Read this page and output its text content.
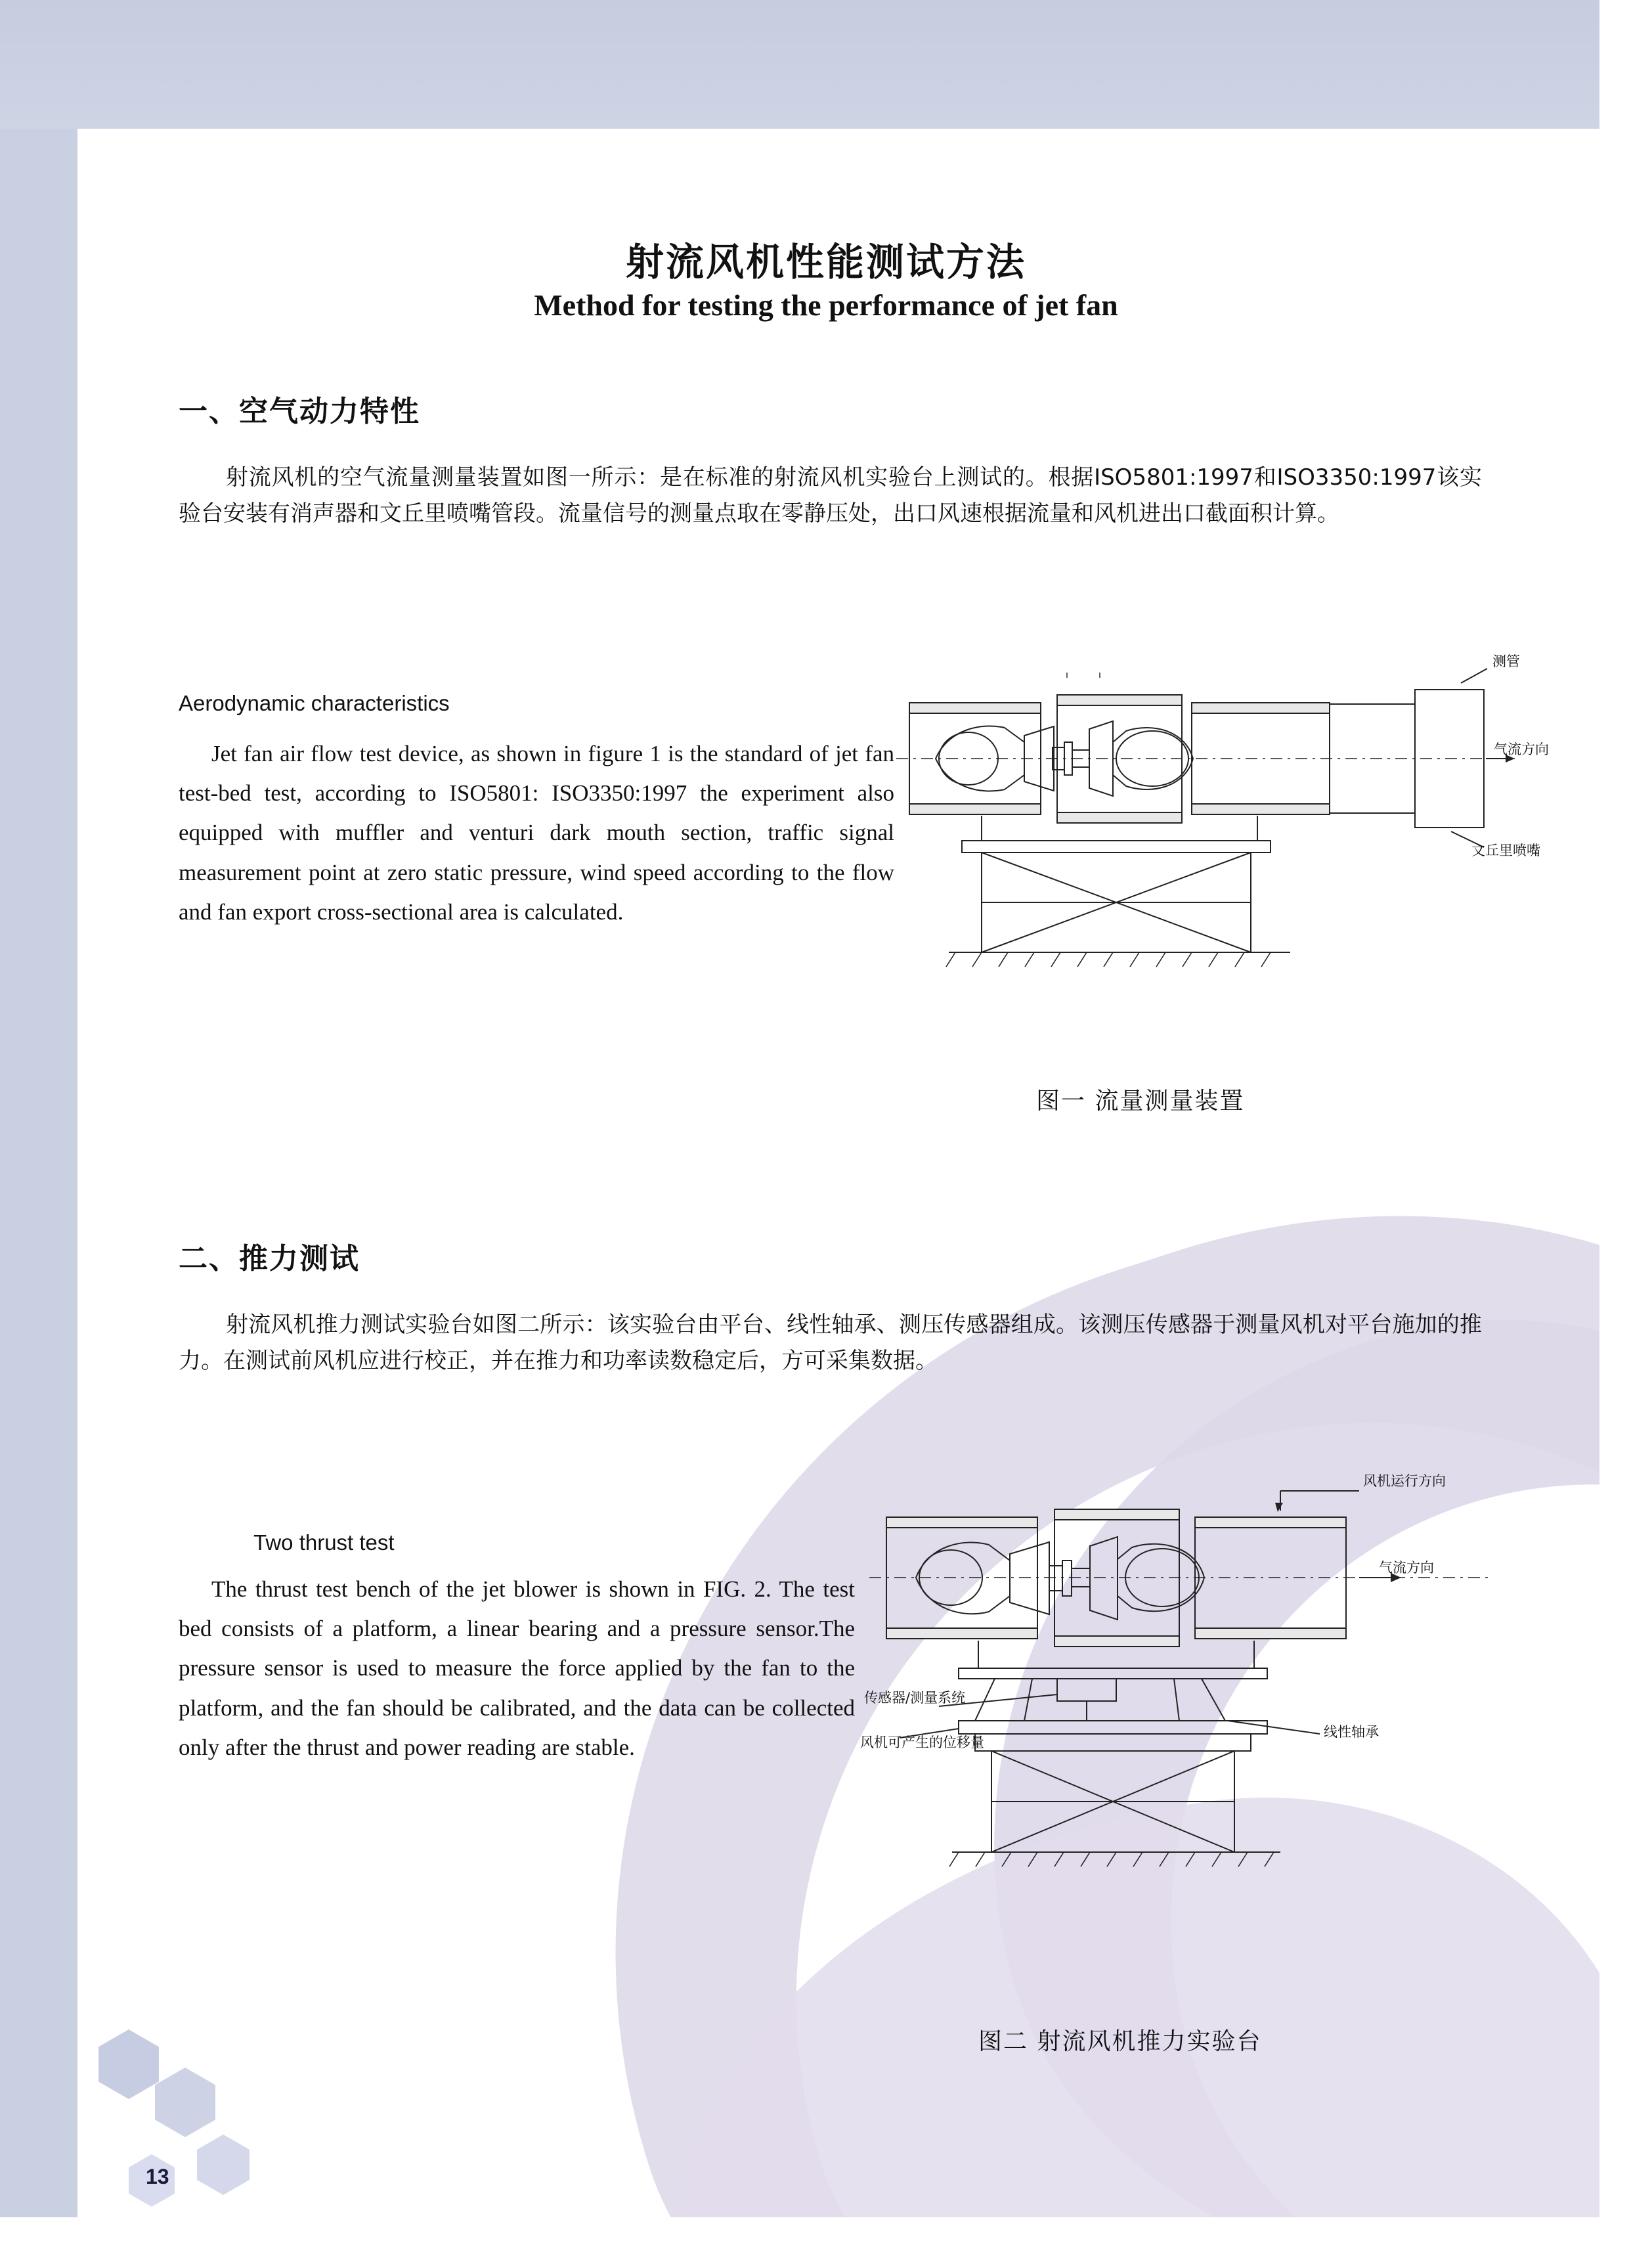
射流风机性能测试方法
Method for testing the performance of jet fan
一、空气动力特性
射流风机的空气流量测量装置如图一所示：是在标准的射流风机实验台上测试的。根据ISO5801:1997和ISO3350:1997该实验台安装有消声器和文丘里喷嘴管段。流量信号的测量点取在零静压处，出口风速根据流量和风机进出口截面积计算。
Aerodynamic characteristics
Jet fan air flow test device, as shown in figure 1 is the standard of jet fan test-bed test, according to ISO5801: ISO3350:1997 the experiment also equipped with muffler and venturi dark mouth section, traffic signal measurement point at zero static pressure, wind speed according to the flow and fan export cross-sectional area is calculated.
测管
气流方向
文丘里喷嘴
图一 流量测量装置
二、推力测试
射流风机推力测试实验台如图二所示：该实验台由平台、线性轴承、测压传感器组成。该测压传感器于测量风机对平台施加的推力。在测试前风机应进行校正，并在推力和功率读数稳定后，方可采集数据。
Two thrust test
The thrust test bench of the jet blower is shown in FIG. 2. The test bed consists of a platform, a linear bearing and a pressure sensor.The pressure sensor is used to measure the force applied by the fan to the platform, and the fan should be calibrated, and the data can be collected only after the thrust and power reading are stable.
风机运行方向
气流方向
传感器/测量系统
风机可产生的位移量
线性轴承
图二 射流风机推力实验台
13
